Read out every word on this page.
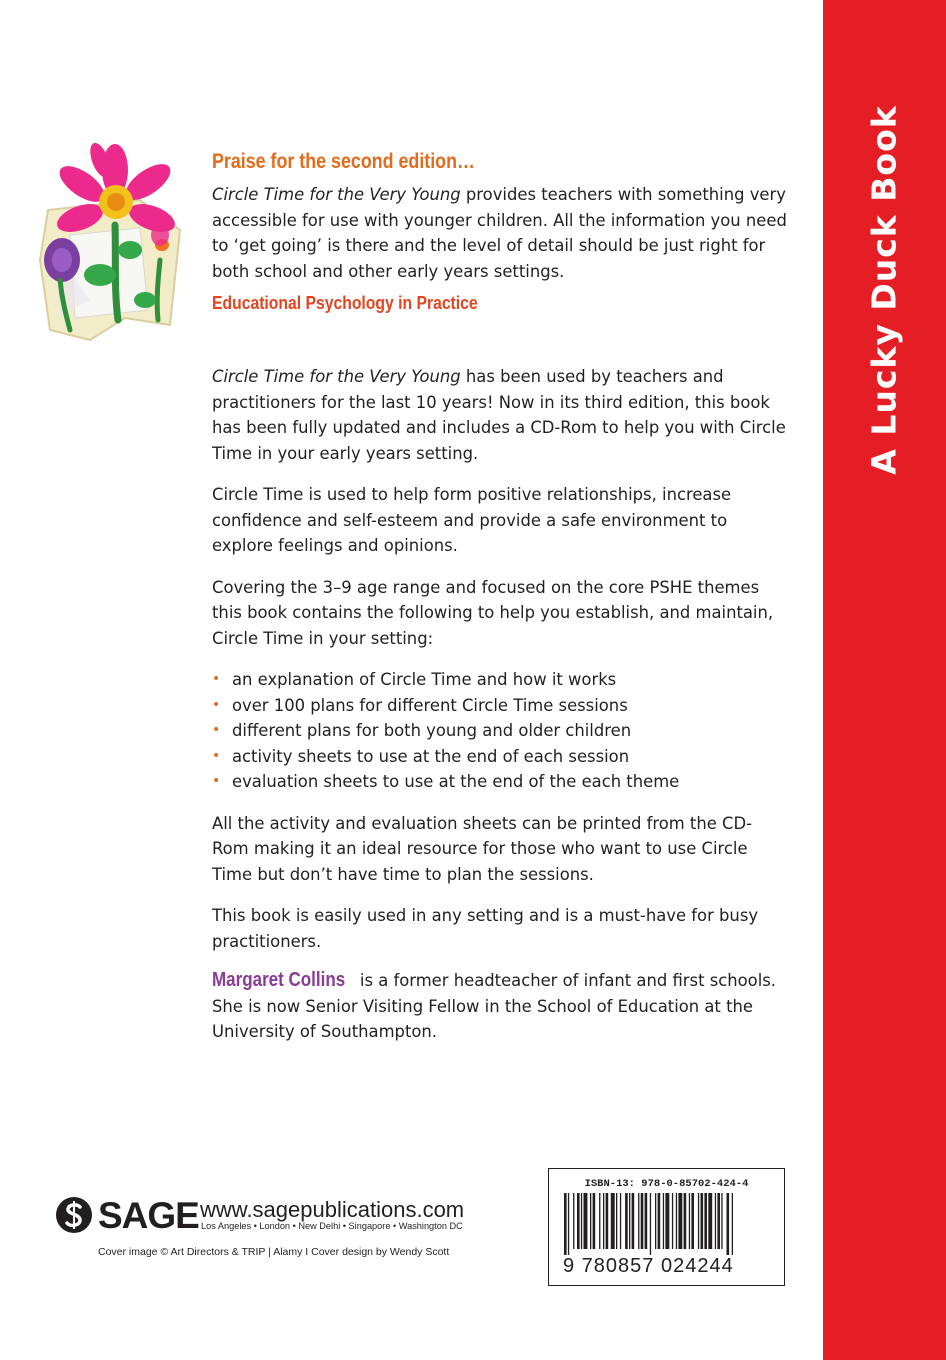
A Lucky Duck Book
Praise for the second edition…

Circle Time for the Very Young provides teachers with something very accessible for use with younger children. All the information you need to ‘get going’ is there and the level of detail should be just right for both school and other early years settings.

Educational Psychology in Practice

Circle Time for the Very Young has been used by teachers and practitioners for the last 10 years! Now in its third edition, this book has been fully updated and includes a CD-Rom to help you with Circle Time in your early years setting.

Circle Time is used to help form positive relationships, increase confidence and self-esteem and provide a safe environment to explore feelings and opinions.

Covering the 3–9 age range and focused on the core PSHE themes this book contains the following to help you establish, and maintain, Circle Time in your setting:

• an explanation of Circle Time and how it works
• over 100 plans for different Circle Time sessions
• different plans for both young and older children
• activity sheets to use at the end of each session
• evaluation sheets to use at the end of the each theme

All the activity and evaluation sheets can be printed from the CD-Rom making it an ideal resource for those who want to use Circle Time but don’t have time to plan the sessions.

This book is easily used in any setting and is a must-have for busy practitioners.

Margaret Collins is a former headteacher of infant and first schools. She is now Senior Visiting Fellow in the School of Education at the University of Southampton.

SAGE www.sagepublications.com
Los Angeles • London • New Delhi • Singapore • Washington DC
Cover image © Art Directors & TRIP | Alamy I Cover design by Wendy Scott
ISBN-13: 978-0-85702-424-4
9 780857 024244
